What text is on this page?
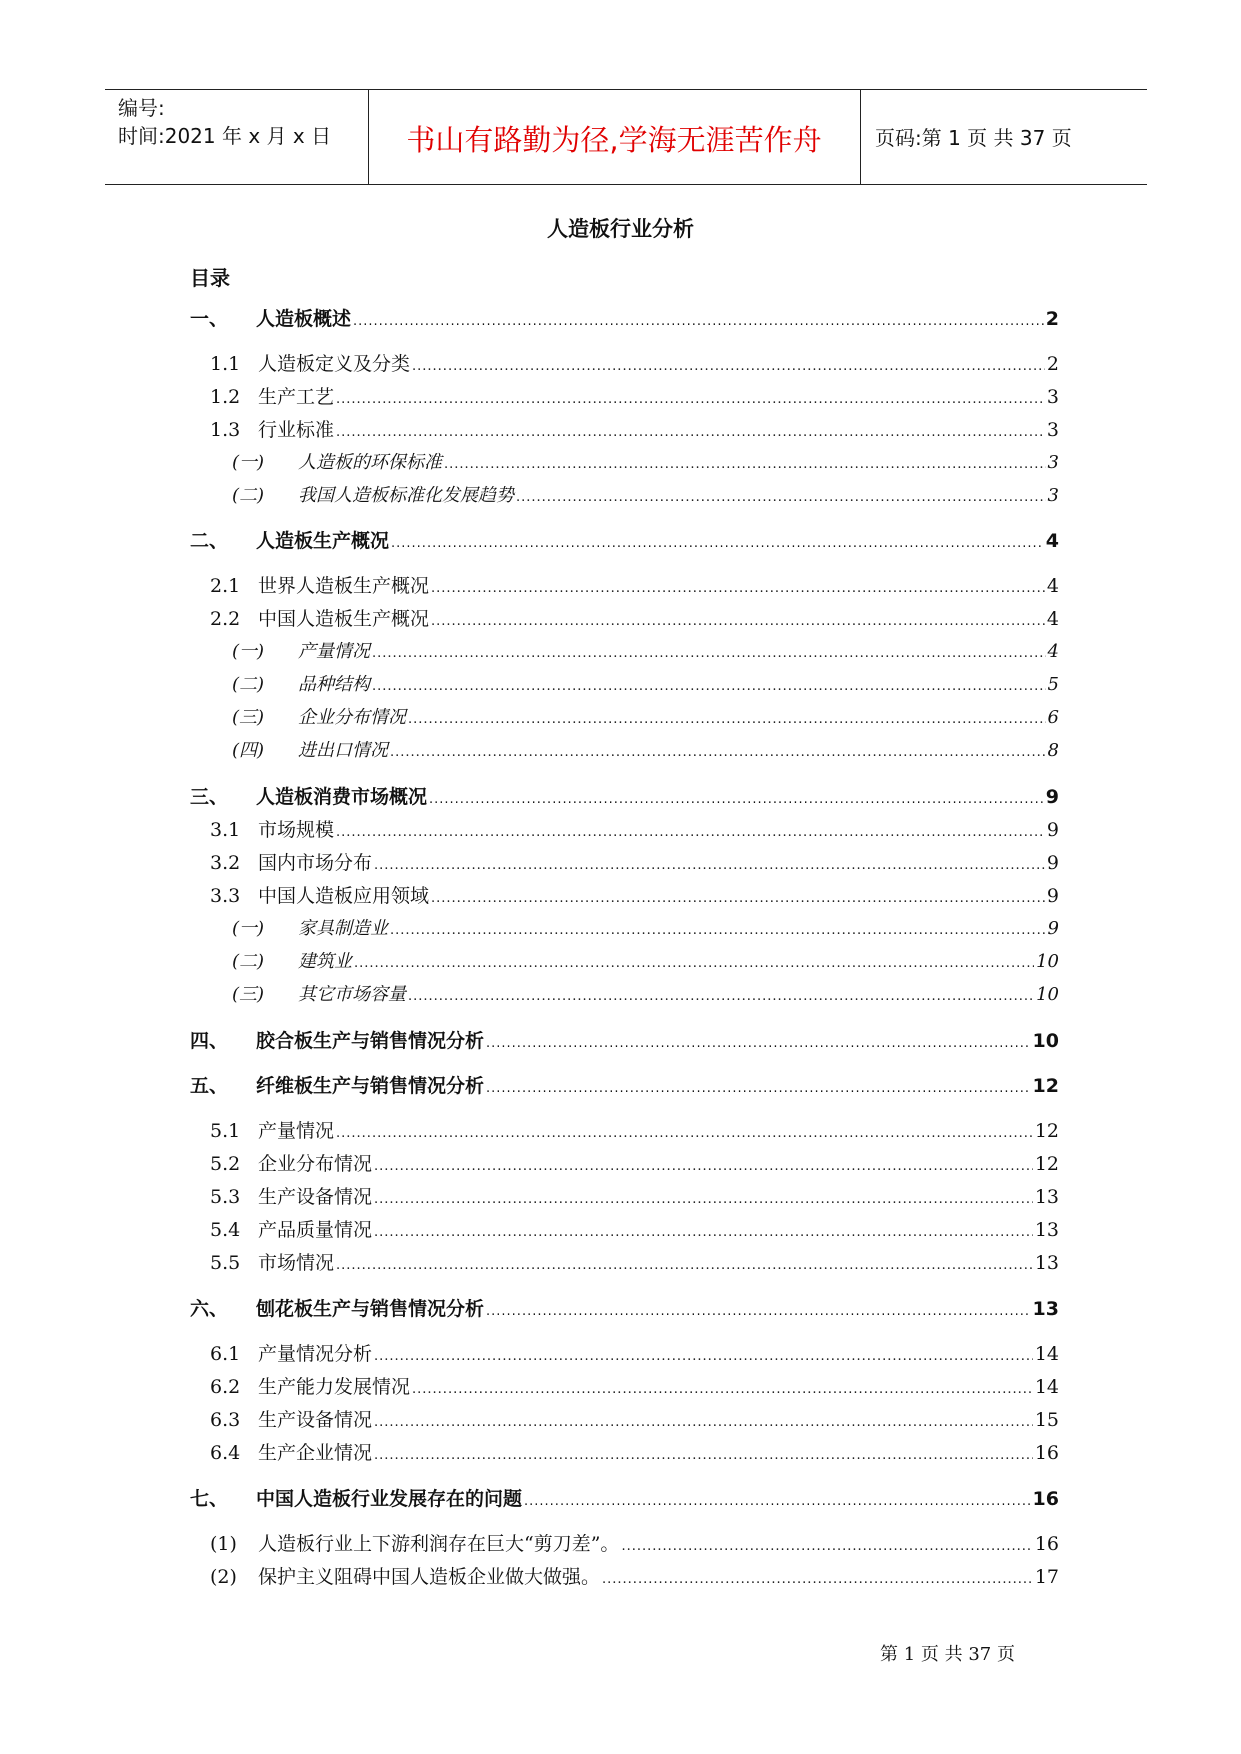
编号:
时间:2021 年 x 月 x 日	书山有路勤为径,学海无涯苦作舟	页码:第 1 页 共 37 页
人造板行业分析
目录
一、	人造板概述 .....	2
1.1 人造板定义及分类 .....	2
1.2 生产工艺 .....	3
1.3 行业标准 .....	3
(一)	人造板的环保标准 .....	3
(二)	我国人造板标准化发展趋势 .....	3
二、	人造板生产概况 .....	4
2.1 世界人造板生产概况 .....	4
2.2 中国人造板生产概况 .....	4
(一)	产量情况 .....	4
(二)	品种结构 .....	5
(三)	企业分布情况 .....	6
(四)	进出口情况 .....	8
三、	人造板消费市场概况 .....	9
3.1 市场规模 .....	9
3.2 国内市场分布 .....	9
3.3 中国人造板应用领域 .....	9
(一)	家具制造业 .....	9
(二)	建筑业 .....	10
(三)	其它市场容量 .....	10
四、	胶合板生产与销售情况分析 .....	10
五、	纤维板生产与销售情况分析 .....	12
5.1 产量情况 .....	12
5.2 企业分布情况 .....	12
5.3 生产设备情况 .....	13
5.4 产品质量情况 .....	13
5.5 市场情况 .....	13
六、	刨花板生产与销售情况分析 .....	13
6.1 产量情况分析 .....	14
6.2 生产能力发展情况 .....	14
6.3 生产设备情况 .....	15
6.4 生产企业情况 .....	16
七、	中国人造板行业发展存在的问题 .....	16
(1)	人造板行业上下游利润存在巨大“剪刀差”。 .....	16
(2)	保护主义阻碍中国人造板企业做大做强。 .....	17
第 1 页 共 37 页
